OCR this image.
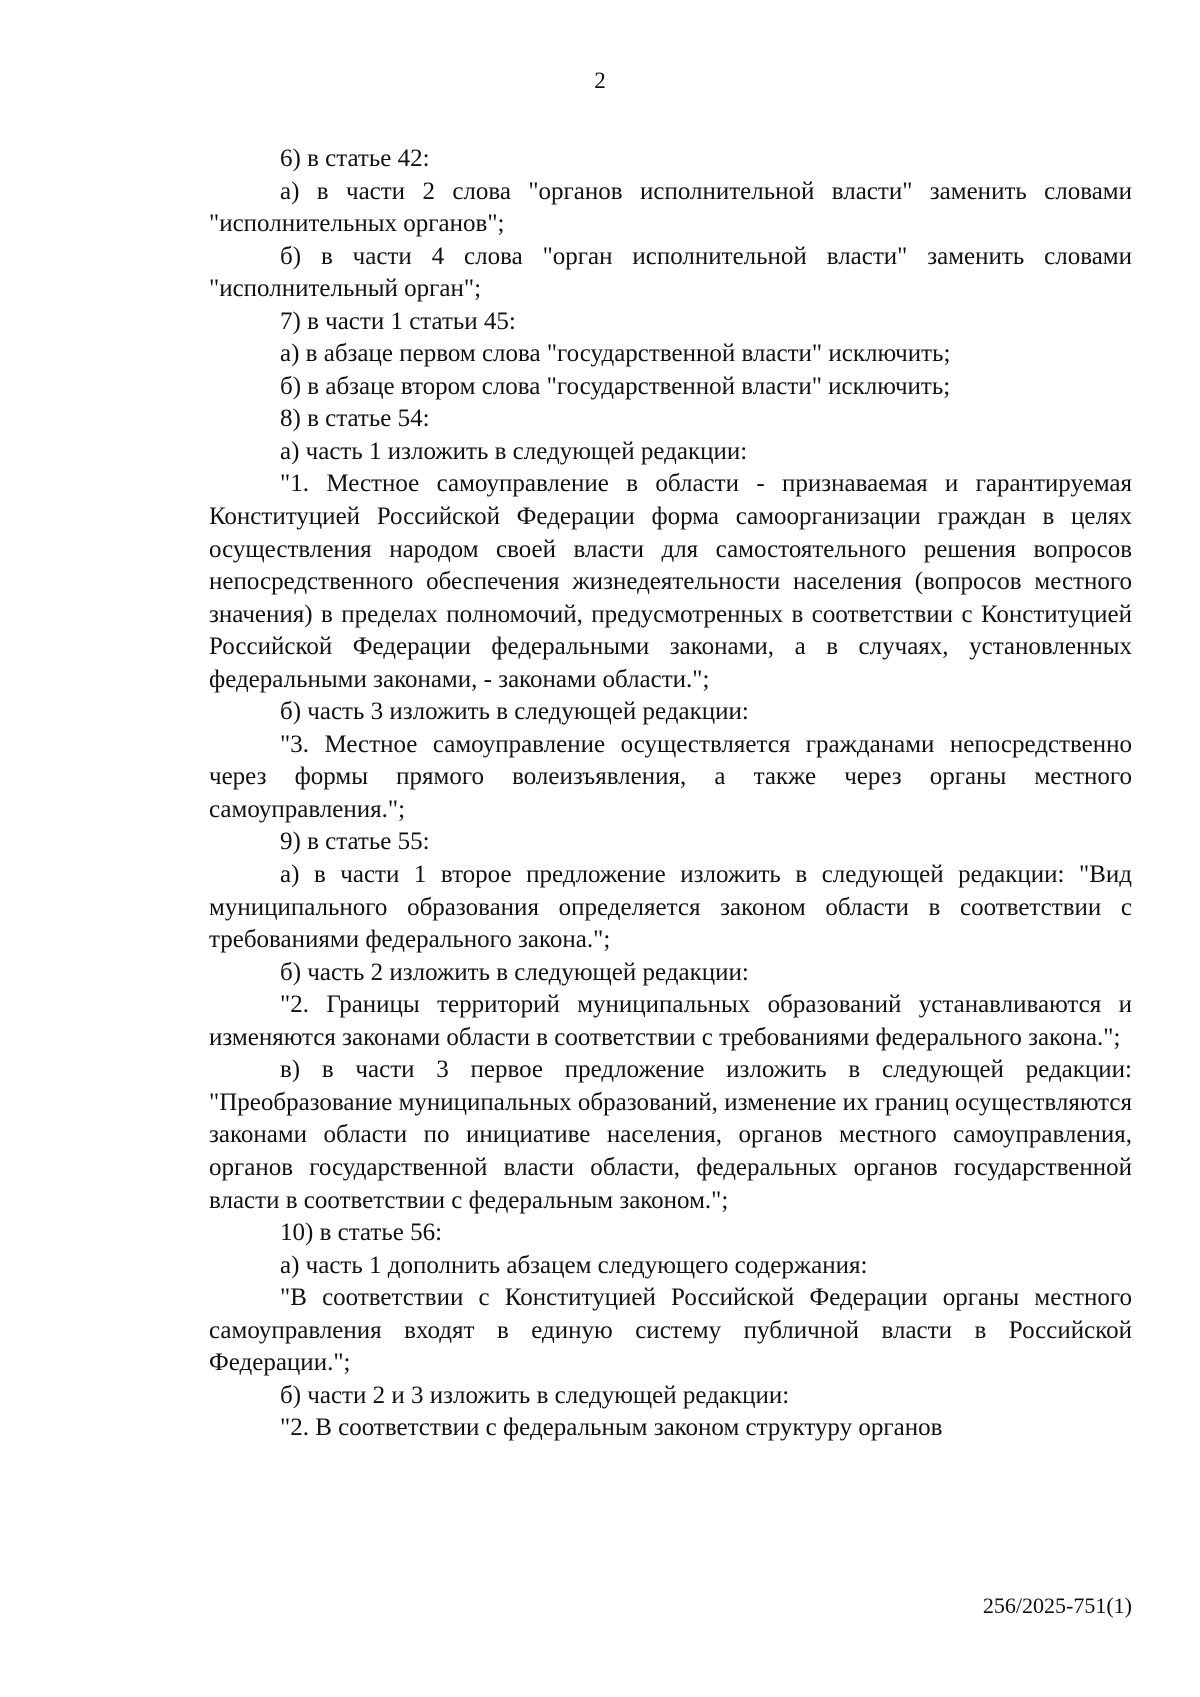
2

6) в статье 42:

а) в части 2 слова "органов исполнительной власти" заменить словами "исполнительных органов";

б) в части 4 слова "орган исполнительной власти" заменить словами "исполнительный орган";

7) в части 1 статьи 45:

а) в абзаце первом слова "государственной власти" исключить;

б) в абзаце втором слова "государственной власти" исключить;

8) в статье 54:

а) часть 1 изложить в следующей редакции:

"1. Местное самоуправление в области - признаваемая и гарантируемая Конституцией Российской Федерации форма самоорганизации граждан в целях осуществления народом своей власти для самостоятельного решения вопросов непосредственного обеспечения жизнедеятельности населения (вопросов местного значения) в пределах полномочий, предусмотренных в соответствии с Конституцией Российской Федерации федеральными законами, а в случаях, установленных федеральными законами, - законами области.";

б) часть 3 изложить в следующей редакции:

"3. Местное самоуправление осуществляется гражданами непосредственно через формы прямого волеизъявления, а также через органы местного самоуправления.";

9) в статье 55:

а) в части 1 второе предложение изложить в следующей редакции: "Вид муниципального образования определяется законом области в соответствии с требованиями федерального закона.";

б) часть 2 изложить в следующей редакции:

"2. Границы территорий муниципальных образований устанавливаются и изменяются законами области в соответствии с требованиями федерального закона.";

в) в части 3 первое предложение изложить в следующей редакции: "Преобразование муниципальных образований, изменение их границ осуществляются законами области по инициативе населения, органов местного самоуправления, органов государственной власти области, федеральных органов государственной власти в соответствии с федеральным законом.";

10) в статье 56:

а) часть 1 дополнить абзацем следующего содержания:

"В соответствии с Конституцией Российской Федерации органы местного самоуправления входят в единую систему публичной власти в Российской Федерации.";

б) части 2 и 3 изложить в следующей редакции:

"2. В соответствии с федеральным законом структуру органов

256/2025-751(1)
